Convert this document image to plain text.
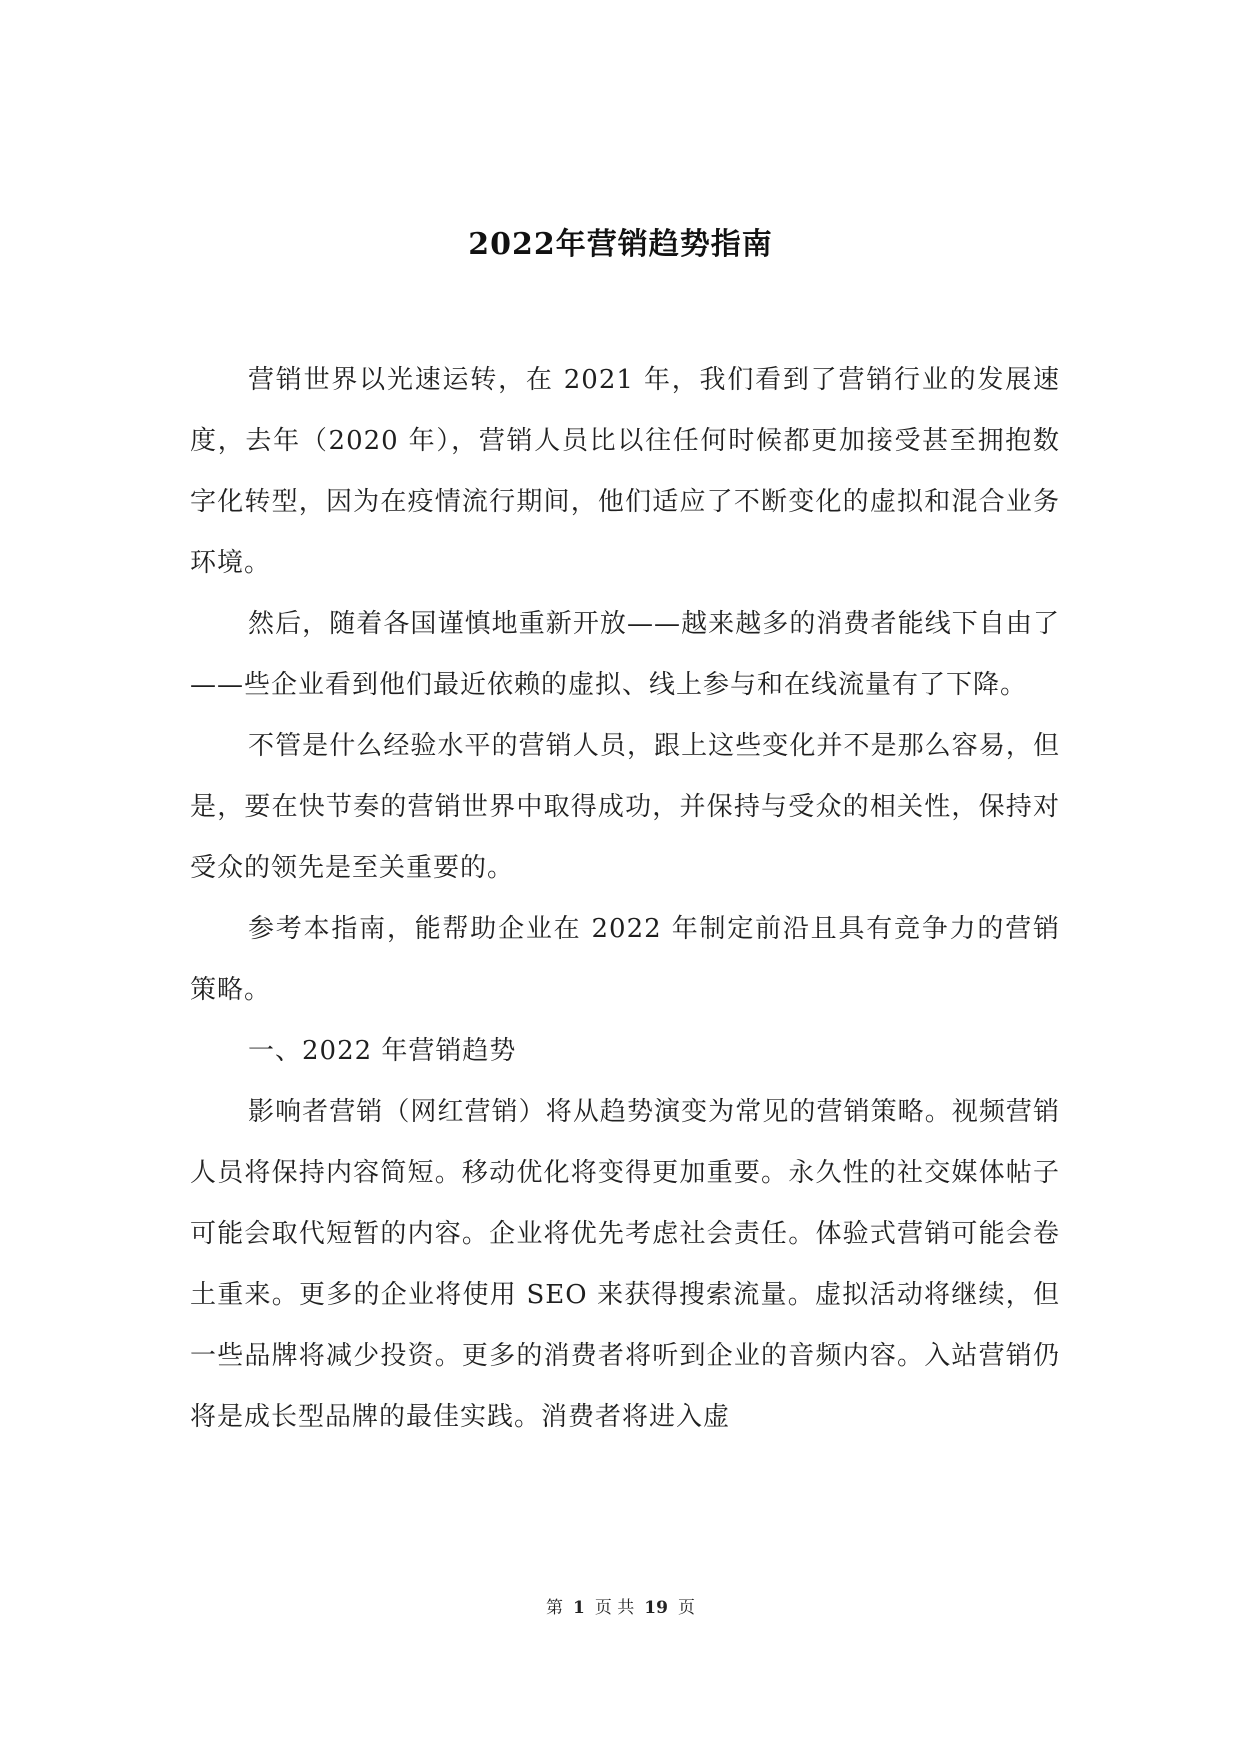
2022年营销趋势指南

营销世界以光速运转，在 2021 年，我们看到了营销行业的发展速度，去年（2020 年），营销人员比以往任何时候都更加接受甚至拥抱数字化转型，因为在疫情流行期间，他们适应了不断变化的虚拟和混合业务环境。

然后，随着各国谨慎地重新开放——越来越多的消费者能线下自由了——些企业看到他们最近依赖的虚拟、线上参与和在线流量有了下降。

不管是什么经验水平的营销人员，跟上这些变化并不是那么容易，但是，要在快节奏的营销世界中取得成功，并保持与受众的相关性，保持对受众的领先是至关重要的。

参考本指南，能帮助企业在 2022 年制定前沿且具有竞争力的营销策略。

一、2022 年营销趋势

影响者营销（网红营销）将从趋势演变为常见的营销策略。视频营销人员将保持内容简短。移动优化将变得更加重要。永久性的社交媒体帖子可能会取代短暂的内容。企业将优先考虑社会责任。体验式营销可能会卷土重来。更多的企业将使用 SEO 来获得搜索流量。虚拟活动将继续，但一些品牌将减少投资。更多的消费者将听到企业的音频内容。入站营销仍将是成长型品牌的最佳实践。消费者将进入虚

第 1 页 共 19 页
